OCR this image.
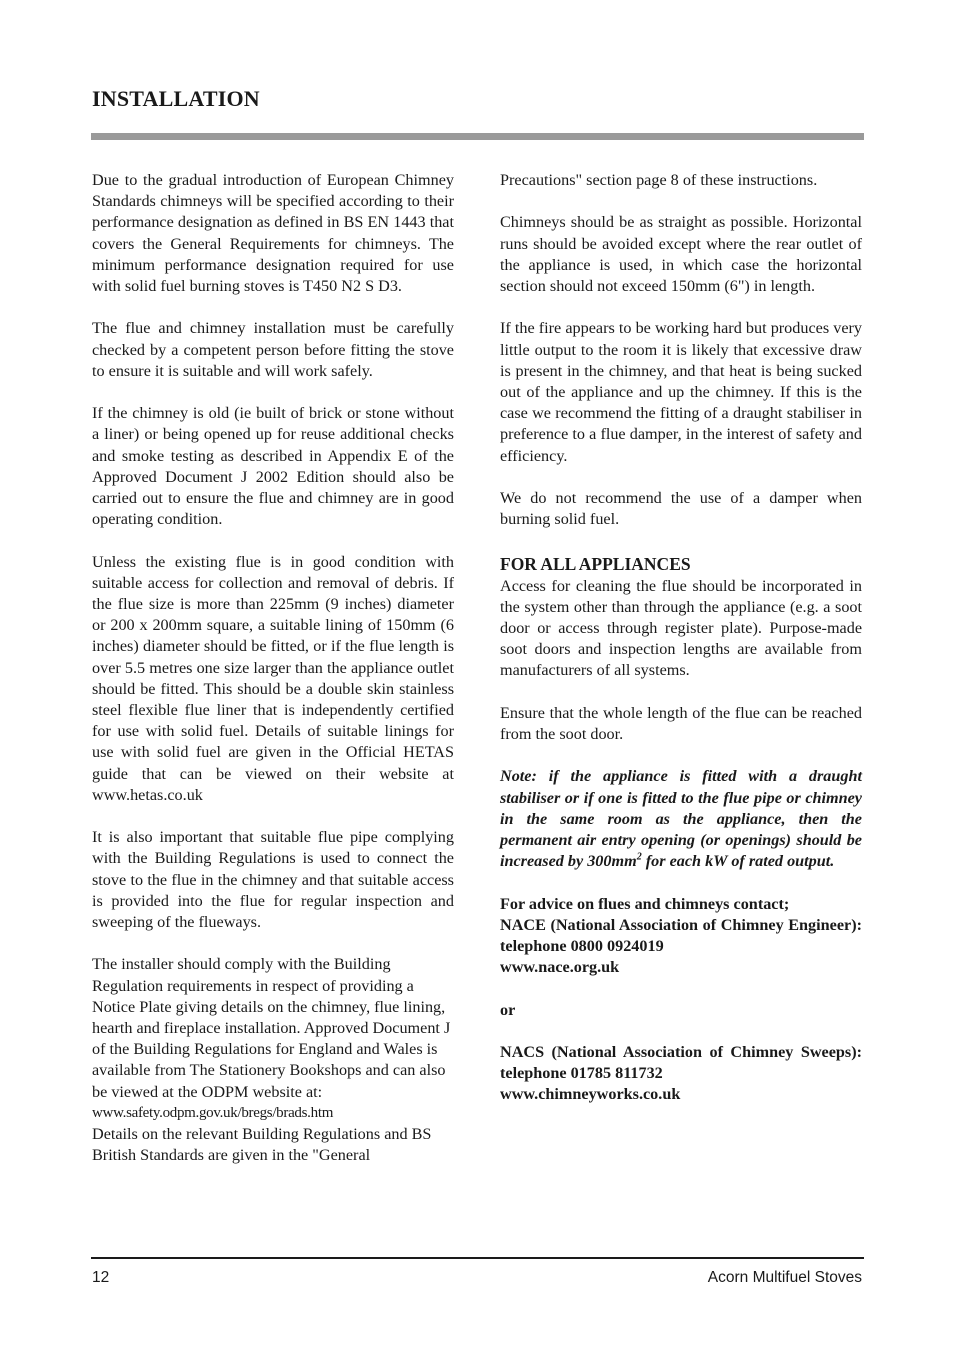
INSTALLATION

Due to the gradual introduction of European Chimney Standards chimneys will be specified according to their performance designation as defined in BS EN 1443 that covers the General Requirements for chimneys. The minimum performance designation required for use with solid fuel burning stoves is T450 N2 S D3.

The flue and chimney installation must be carefully checked by a competent person before fitting the stove to ensure it is suitable and will work safely.

If the chimney is old (ie built of brick or stone without a liner) or being opened up for reuse additional checks and smoke testing as described in Appendix E of the Approved Document J 2002 Edition should also be carried out to ensure the flue and chimney are in good operating condition.

Unless the existing flue is in good condition with suitable access for collection and removal of debris. If the flue size is more than 225mm (9 inches) diameter or 200 x 200mm square, a suitable lining of 150mm (6 inches) diameter should be fitted, or if the flue length is over 5.5 metres one size larger than the appliance outlet should be fitted. This should be a double skin stainless steel flexible flue liner that is independently certified for use with solid fuel. Details of suitable linings for use with solid fuel are given in the Official HETAS guide that can be viewed on their website at www.hetas.co.uk

It is also important that suitable flue pipe complying with the Building Regulations is used to connect the stove to the flue in the chimney and that suitable access is provided into the flue for regular inspection and sweeping of the flueways.

The installer should comply with the Building Regulation requirements in respect of providing a Notice Plate giving details on the chimney, flue lining, hearth and fireplace installation. Approved Document J of the Building Regulations for England and Wales is available from The Stationery Bookshops and can also be viewed at the ODPM website at:

www.safety.odpm.gov.uk/bregs/brads.htm

Details on the relevant Building Regulations and BS British Standards are given in the "General

Precautions" section page 8 of these instructions.

Chimneys should be as straight as possible. Horizontal runs should be avoided except where the rear outlet of the appliance is used, in which case the horizontal section should not exceed 150mm (6") in length.

If the fire appears to be working hard but produces very little output to the room it is likely that excessive draw is present in the chimney, and that heat is being sucked out of the appliance and up the chimney. If this is the case we recommend the fitting of a draught stabiliser in preference to a flue damper, in the interest of safety and efficiency.

We do not recommend the use of a damper when burning solid fuel.

FOR ALL APPLIANCES

Access for cleaning the flue should be incorporated in the system other than through the appliance (e.g. a soot door or access through register plate). Purpose-made soot doors and inspection lengths are available from manufacturers of all systems.

Ensure that the whole length of the flue can be reached from the soot door.

Note: if the appliance is fitted with a draught stabiliser or if one is fitted to the flue pipe or chimney in the same room as the appliance, then the permanent air entry opening (or openings) should be increased by $300mm^2$ for each kW of rated output.

For advice on flues and chimneys contact;

NACE (National Association of Chimney Engineer): telephone 0800 0924019

www.nace.org.uk

or

NACS (National Association of Chimney Sweeps): telephone 01785 811732

www.chimneyworks.co.uk

12	Acorn Multifuel Stoves
